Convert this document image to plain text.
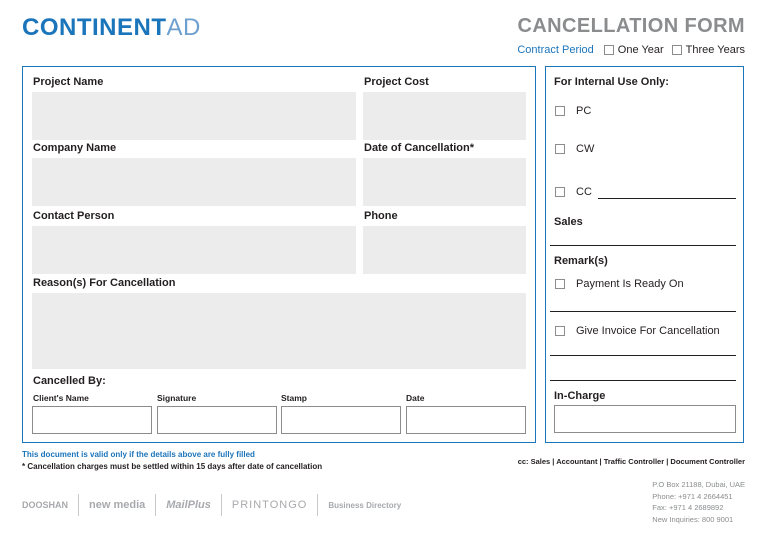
CONTINENTAD	CANCELLATION FORM
Contract Period One Year Three Years
Project Name	Project Cost
Company Name	Date of Cancellation*
Contact Person	Phone
Reason(s) For Cancellation
Cancelled By:
Client's Name	Signature	Stamp	Date
For Internal Use Only:
PC
CW
CC
Sales
Remark(s)
Payment Is Ready On
Give Invoice For Cancellation
In-Charge
This document is valid only if the details above are fully filled
* Cancellation charges must be settled within 15 days after date of cancellation
cc: Sales | Accountant | Traffic Controller | Document Controller
DOOSHAN	new media	MailPlus	PRINTONGO	Business Directory
P.O Box 21188, Dubai, UAE
Phone: +971 4 2664451
Fax: +971 4 2689892
New Inquiries: 800 9001
